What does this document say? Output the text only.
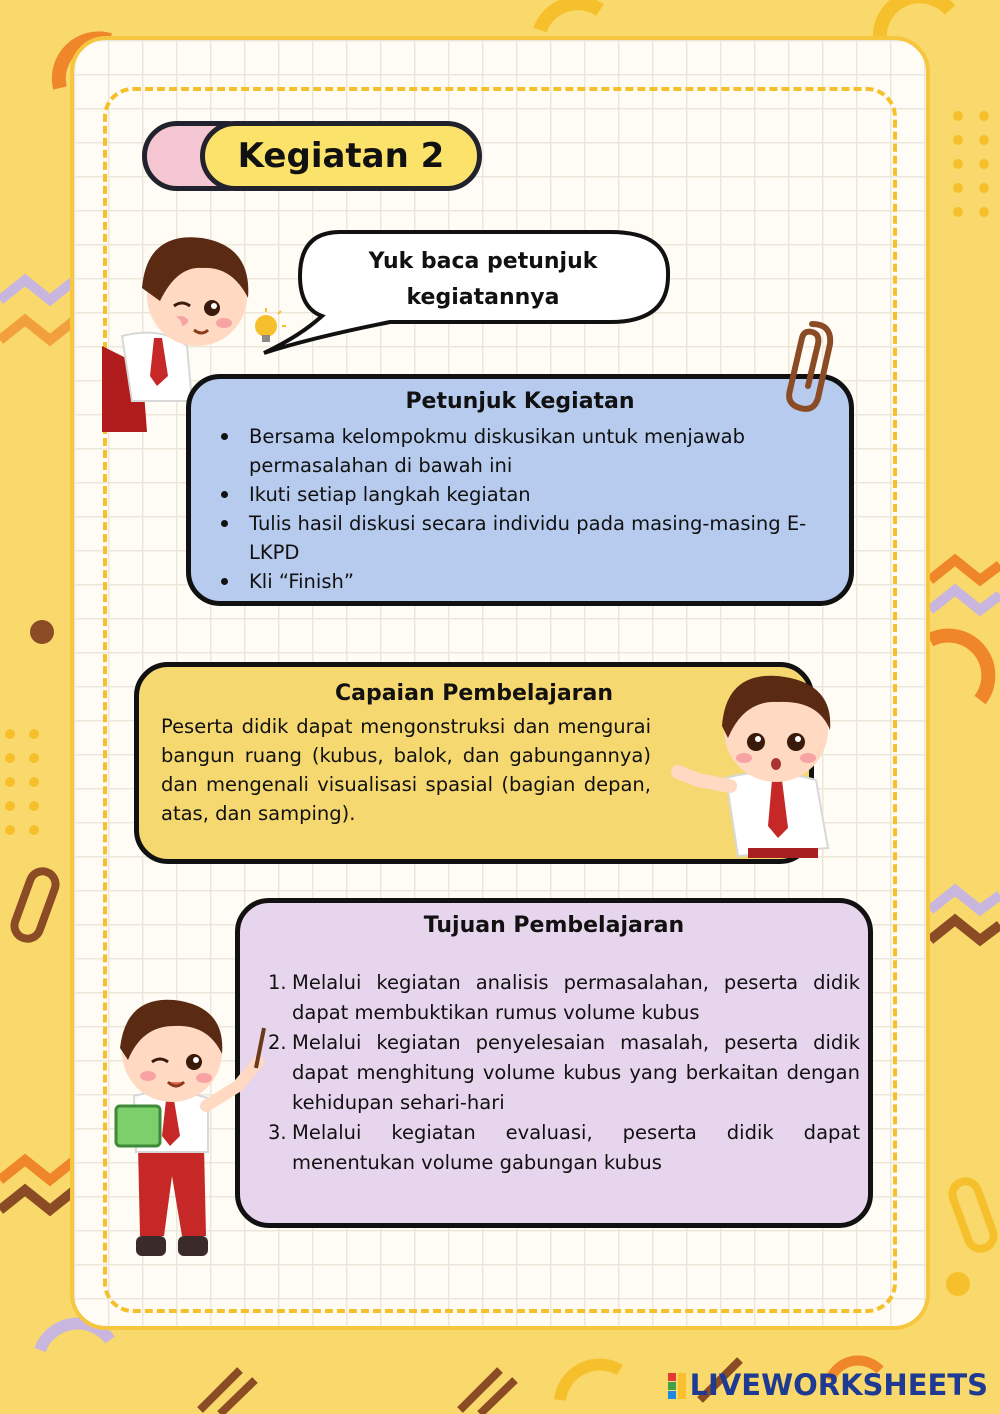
Kegiatan 2
Yuk baca petunjuk kegiatannya
Petunjuk Kegiatan
Bersama kelompokmu diskusikan untuk menjawab permasalahan di bawah ini
Ikuti setiap langkah kegiatan
Tulis hasil diskusi secara individu pada masing-masing E-LKPD
Kli “Finish”
Capaian Pembelajaran

Peserta didik dapat mengonstruksi dan mengurai bangun ruang (kubus, balok, dan gabungannya) dan mengenali visualisasi spasial (bagian depan, atas, dan samping).

Tujuan Pembelajaran
1. Melalui kegiatan analisis permasalahan, peserta didik dapat membuktikan rumus volume kubus
2. Melalui kegiatan penyelesaian masalah, peserta didik dapat menghitung volume kubus yang berkaitan dengan kehidupan sehari-hari
3. Melalui kegiatan evaluasi, peserta didik dapat menentukan volume gabungan kubus
LIVEWORKSHEETS
